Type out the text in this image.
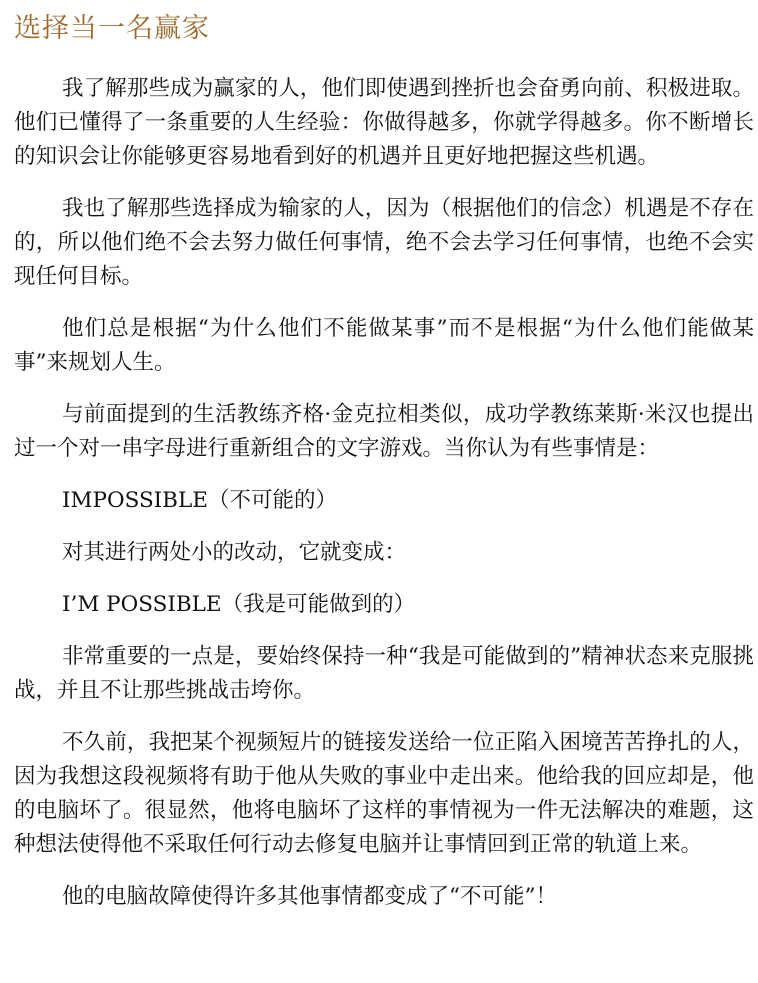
选择当一名赢家

我了解那些成为赢家的人，他们即使遇到挫折也会奋勇向前、积极进取。他们已懂得了一条重要的人生经验：你做得越多，你就学得越多。你不断增长的知识会让你能够更容易地看到好的机遇并且更好地把握这些机遇。

我也了解那些选择成为输家的人，因为（根据他们的信念）机遇是不存在的，所以他们绝不会去努力做任何事情，绝不会去学习任何事情，也绝不会实现任何目标。

他们总是根据“为什么他们不能做某事”而不是根据“为什么他们能做某事”来规划人生。

与前面提到的生活教练齐格·金克拉相类似，成功学教练莱斯·米汉也提出过一个对一串字母进行重新组合的文字游戏。当你认为有些事情是：

IMPOSSIBLE（不可能的）

对其进行两处小的改动，它就变成：

I’M POSSIBLE（我是可能做到的）

非常重要的一点是，要始终保持一种“我是可能做到的”精神状态来克服挑战，并且不让那些挑战击垮你。

不久前，我把某个视频短片的链接发送给一位正陷入困境苦苦挣扎的人，因为我想这段视频将有助于他从失败的事业中走出来。他给我的回应却是，他的电脑坏了。很显然，他将电脑坏了这样的事情视为一件无法解决的难题，这种想法使得他不采取任何行动去修复电脑并让事情回到正常的轨道上来。

他的电脑故障使得许多其他事情都变成了“不可能”！
